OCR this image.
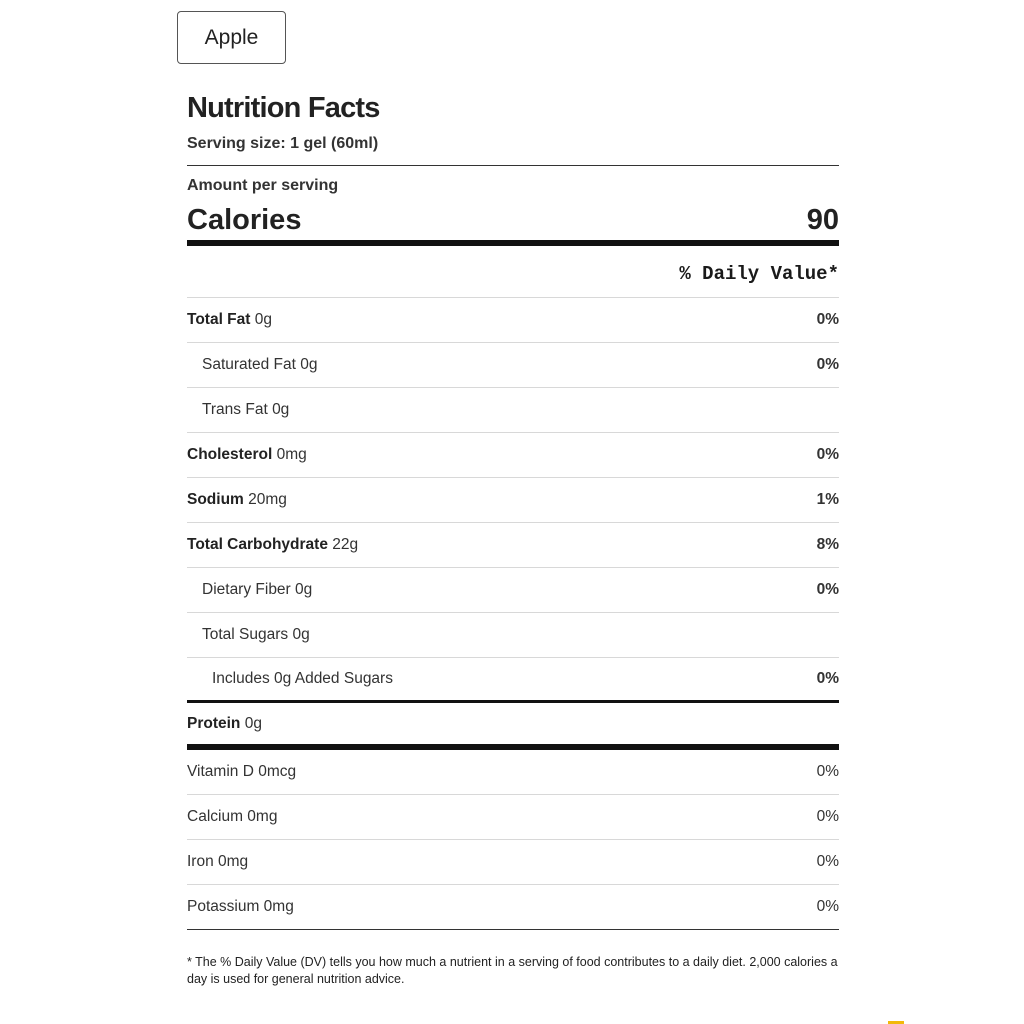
Apple
Nutrition Facts
Serving size: 1 gel (60ml)
Amount per serving
Calories	90
% Daily Value*
Total Fat 0g	0%
Saturated Fat 0g	0%
Trans Fat 0g
Cholesterol 0mg	0%
Sodium 20mg	1%
Total Carbohydrate 22g	8%
Dietary Fiber 0g	0%
Total Sugars 0g
Includes 0g Added Sugars	0%
Protein 0g
Vitamin D 0mcg	0%
Calcium 0mg	0%
Iron 0mg	0%
Potassium 0mg	0%
* The % Daily Value (DV) tells you how much a nutrient in a serving of food contributes to a daily diet. 2,000 calories a day is used for general nutrition advice.
